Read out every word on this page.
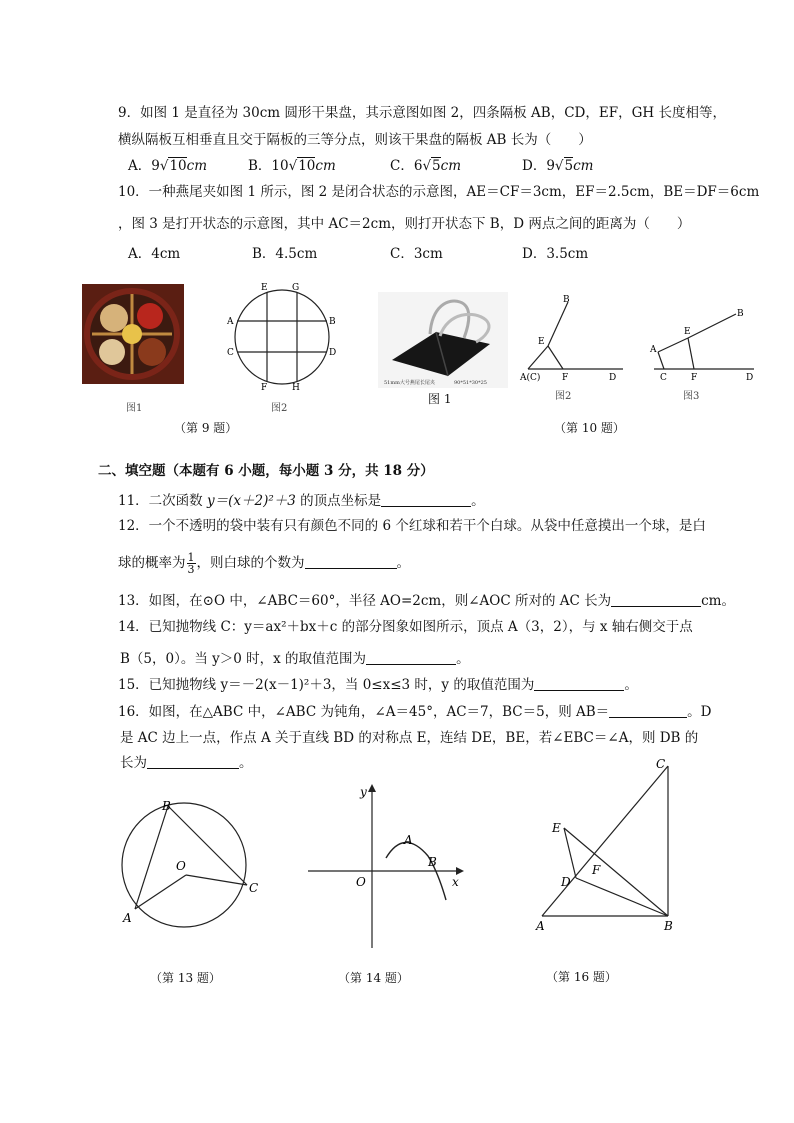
9．如图 1 是直径为 30cm 圆形干果盘，其示意图如图 2，四条隔板 AB，CD，EF，GH 长度相等，
横纵隔板互相垂直且交于隔板的三等分点，则该干果盘的隔板 AB 长为（　　）
A．9√10cm	B．10√10cm	C．6√5cm	D．9√5cm
10．一种燕尾夹如图 1 所示，图 2 是闭合状态的示意图，AE＝CF＝3cm，EF＝2.5cm，BE＝DF＝6cm
，图 3 是打开状态的示意图，其中 AC＝2cm，则打开状态下 B，D 两点之间的距离为（　　）
A．4cm	B．4.5cm	C．3cm	D．3.5cm
图1
E	G
A	B
C	D
F	H
图2
51mm大号燕尾长尾夹	90*51*30*25
图 1
B
E
A(C) F	D
图2
B
E
A
C	F	D
图3
（第 9 题）	（第 10 题）
二、填空题（本题有 6 小题，每小题 3 分，共 18 分）
11．二次函数 y＝(x＋2)²＋3 的顶点坐标是	。
12．一个不透明的袋中装有只有颜色不同的 6 个红球和若干个白球。从袋中任意摸出一个球，是白
球的概率为 $\frac{1}{3}$ ，则白球的个数为	。
13．如图，在⊙O 中，∠ABC＝60°，半径 AO=2cm，则∠AOC 所对的 AC 长为	cm。
14．已知抛物线 C：y＝ax²＋bx＋c 的部分图象如图所示，顶点 A（3，2），与 x 轴右侧交于点
B（5，0）。当 y＞0 时，x 的取值范围为	。
15．已知抛物线 y＝－2(x－1)²＋3，当 0≤x≤3 时，y 的取值范围为	。
16．如图，在△ABC 中，∠ABC 为钝角，∠A＝45°，AC＝7，BC＝5，则 AB＝	。D
是 AC 边上一点，作点 A 关于直线 BD 的对称点 E，连结 DE，BE，若∠EBC＝∠A，则 DB 的
长为	。
B
O
C
A
（第 13 题）
y
A
B
O	x
（第 14 题）
C
E
F
D
A	B
（第 16 题）
